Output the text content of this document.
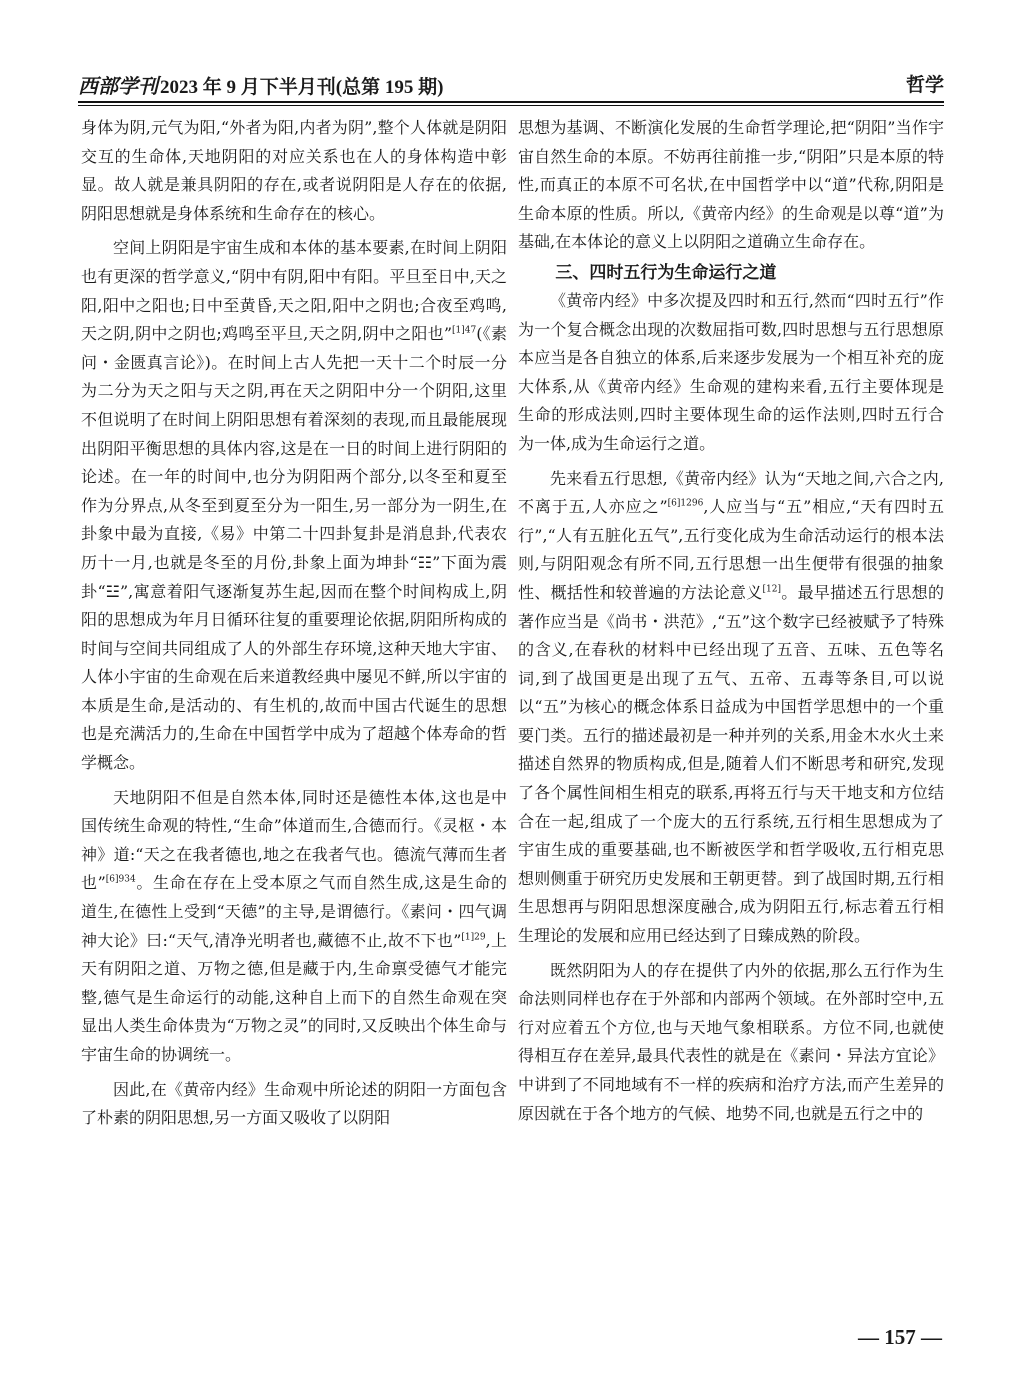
西部学刊 2023 年 9 月下半月刊(总第 195 期)	哲学

身体为阴,元气为阳,“外者为阳,内者为阴”,整个人体就是阴阳交互的生命体,天地阴阳的对应关系也在人的身体构造中彰显。故人就是兼具阴阳的存在,或者说阴阳是人存在的依据,阴阳思想就是身体系统和生命存在的核心。

空间上阴阳是宇宙生成和本体的基本要素,在时间上阴阳也有更深的哲学意义,“阴中有阴,阳中有阳。平旦至日中,天之阳,阳中之阳也;日中至黄昏,天之阳,阳中之阴也;合夜至鸡鸣,天之阴,阴中之阴也;鸡鸣至平旦,天之阴,阴中之阳也”$^{[1]47}$(《素问・金匮真言论》)。在时间上古人先把一天十二个时辰一分为二分为天之阳与天之阴,再在天之阴阳中分一个阴阳,这里不但说明了在时间上阴阳思想有着深刻的表现,而且最能展现出阴阳平衡思想的具体内容,这是在一日的时间上进行阴阳的论述。在一年的时间中,也分为阴阳两个部分,以冬至和夏至作为分界点,从冬至到夏至分为一阳生,另一部分为一阴生,在卦象中最为直接,《易》中第二十四卦复卦是消息卦,代表农历十一月,也就是冬至的月份,卦象上面为坤卦“☷”下面为震卦“☳”,寓意着阳气逐渐复苏生起,因而在整个时间构成上,阴阳的思想成为年月日循环往复的重要理论依据,阴阳所构成的时间与空间共同组成了人的外部生存环境,这种天地大宇宙、人体小宇宙的生命观在后来道教经典中屡见不鲜,所以宇宙的本质是生命,是活动的、有生机的,故而中国古代诞生的思想也是充满活力的,生命在中国哲学中成为了超越个体寿命的哲学概念。

天地阴阳不但是自然本体,同时还是德性本体,这也是中国传统生命观的特性,“生命”体道而生,合德而行。《灵枢・本神》道:“天之在我者德也,地之在我者气也。德流气薄而生者也”$^{[6]934}$。生命在存在上受本原之气而自然生成,这是生命的道生,在德性上受到“天德”的主导,是谓德行。《素问・四气调神大论》曰:“天气,清净光明者也,藏德不止,故不下也”$^{[1]29}$,上天有阴阳之道、万物之德,但是藏于内,生命禀受德气才能完整,德气是生命运行的动能,这种自上而下的自然生命观在突显出人类生命体贵为“万物之灵”的同时,又反映出个体生命与宇宙生命的协调统一。

因此,在《黄帝内经》生命观中所论述的阴阳一方面包含了朴素的阴阳思想,另一方面又吸收了以阴阳

思想为基调、不断演化发展的生命哲学理论,把“阴阳”当作宇宙自然生命的本原。不妨再往前推一步,“阴阳”只是本原的特性,而真正的本原不可名状,在中国哲学中以“道”代称,阴阳是生命本原的性质。所以,《黄帝内经》的生命观是以尊“道”为基础,在本体论的意义上以阴阳之道确立生命存在。

三、四时五行为生命运行之道

《黄帝内经》中多次提及四时和五行,然而“四时五行”作为一个复合概念出现的次数屈指可数,四时思想与五行思想原本应当是各自独立的体系,后来逐步发展为一个相互补充的庞大体系,从《黄帝内经》生命观的建构来看,五行主要体现是生命的形成法则,四时主要体现生命的运作法则,四时五行合为一体,成为生命运行之道。

先来看五行思想,《黄帝内经》认为“天地之间,六合之内,不离于五,人亦应之”$^{[6]1296}$,人应当与“五”相应,“天有四时五行”,“人有五脏化五气”,五行变化成为生命活动运行的根本法则,与阴阳观念有所不同,五行思想一出生便带有很强的抽象性、概括性和较普遍的方法论意义[12]。最早描述五行思想的著作应当是《尚书・洪范》,“五”这个数字已经被赋予了特殊的含义,在春秋的材料中已经出现了五音、五味、五色等名词,到了战国更是出现了五气、五帝、五毒等条目,可以说以“五”为核心的概念体系日益成为中国哲学思想中的一个重要门类。五行的描述最初是一种并列的关系,用金木水火土来描述自然界的物质构成,但是,随着人们不断思考和研究,发现了各个属性间相生相克的联系,再将五行与天干地支和方位结合在一起,组成了一个庞大的五行系统,五行相生思想成为了宇宙生成的重要基础,也不断被医学和哲学吸收,五行相克思想则侧重于研究历史发展和王朝更替。到了战国时期,五行相生思想再与阴阳思想深度融合,成为阴阳五行,标志着五行相生理论的发展和应用已经达到了日臻成熟的阶段。

既然阴阳为人的存在提供了内外的依据,那么五行作为生命法则同样也存在于外部和内部两个领域。在外部时空中,五行对应着五个方位,也与天地气象相联系。方位不同,也就使得相互存在差异,最具代表性的就是在《素问・异法方宜论》中讲到了不同地域有不一样的疾病和治疗方法,而产生差异的原因就在于各个地方的气候、地势不同,也就是五行之中的

— 157 —
